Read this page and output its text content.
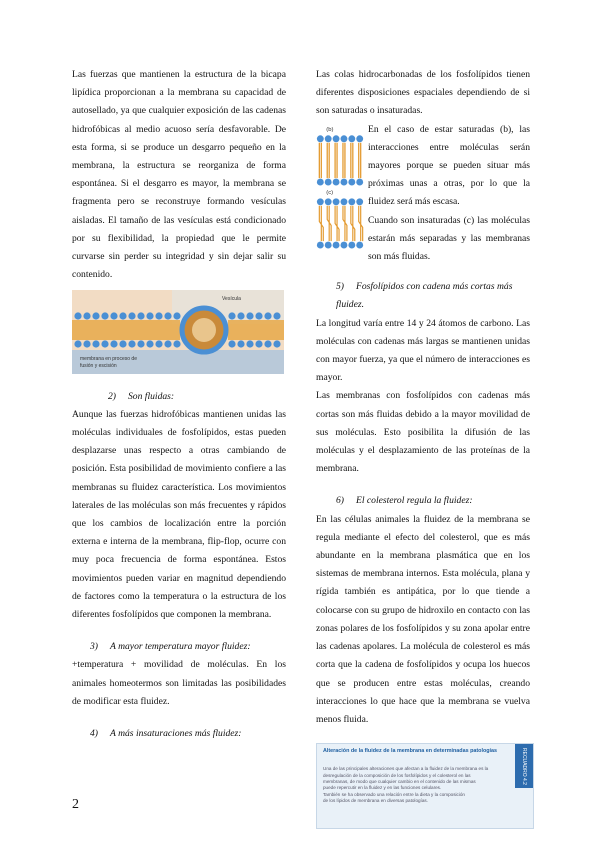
Las fuerzas que mantienen la estructura de la bicapa lipídica proporcionan a la membrana su capacidad de autosellado, ya que cualquier exposición de las cadenas hidrofóbicas al medio acuoso sería desfavorable. De esta forma, si se produce un desgarro pequeño en la membrana, la estructura se reorganiza de forma espontánea. Si el desgarro es mayor, la membrana se fragmenta pero se reconstruye formando vesículas aisladas. El tamaño de las vesículas está condicionado por su flexibilidad, la propiedad que le permite curvarse sin perder su integridad y sin dejar salir su contenido.

Vesícula
membrana en proceso de
fusión y escisión
2) Son fluidas:

Aunque las fuerzas hidrofóbicas mantienen unidas las moléculas individuales de fosfolípidos, estas pueden desplazarse unas respecto a otras cambiando de posición. Esta posibilidad de movimiento confiere a las membranas su fluidez característica. Los movimientos laterales de las moléculas son más frecuentes y rápidos que los cambios de localización entre la porción externa e interna de la membrana, flip-flop, ocurre con muy poca frecuencia de forma espontánea. Estos movimientos pueden variar en magnitud dependiendo de factores como la temperatura o la estructura de los diferentes fosfolípidos que componen la membrana.

3) A mayor temperatura mayor fluidez:

+temperatura + movilidad de moléculas. En los animales homeotermos son limitadas las posibilidades de modificar esta fluidez.

4) A más insaturaciones más fluidez:

Las colas hidrocarbonadas de los fosfolípidos tienen diferentes disposiciones espaciales dependiendo de si son saturadas o insaturadas.

(b)
(c)

En el caso de estar saturadas (b), las interacciones entre moléculas serán mayores porque se pueden situar más próximas unas a otras, por lo que la fluidez será más escasa.

Cuando son insaturadas (c) las moléculas estarán más separadas y las membranas son más fluidas.

5) Fosfolípidos con cadena más cortas más fluidez.

La longitud varía entre 14 y 24 átomos de carbono. Las moléculas con cadenas más largas se mantienen unidas con mayor fuerza, ya que el número de interacciones es mayor.

Las membranas con fosfolípidos con cadenas más cortas son más fluidas debido a la mayor movilidad de sus moléculas. Esto posibilita la difusión de las moléculas y el desplazamiento de las proteínas de la membrana.

6) El colesterol regula la fluidez:

En las células animales la fluidez de la membrana se regula mediante el efecto del colesterol, que es más abundante en la membrana plasmática que en los sistemas de membrana internos. Esta molécula, plana y rígida también es antipática, por lo que tiende a colocarse con su grupo de hidroxilo en contacto con las zonas polares de los fosfolípidos y su zona apolar entre las cadenas apolares. La molécula de colesterol es más corta que la cadena de fosfolípidos y ocupa los huecos que se producen entre estas moléculas, creando interacciones lo que hace que la membrana se vuelva menos fluida.

Alteración de la fluidez de la membrana en determinadas patologías	RECUADRO 4.2
Una de las principales alteraciones que afectan a la fluidez de la membrana es la
desregulación de la composición de los fosfolípidos y el colesterol en las
membranas, de modo que cualquier cambio en el contenido de las mismas
puede repercutir en la fluidez y en las funciones celulares.
También se ha observado una relación entre la dieta y la composición
de los lípidos de membrana en diversas patologías.
2
